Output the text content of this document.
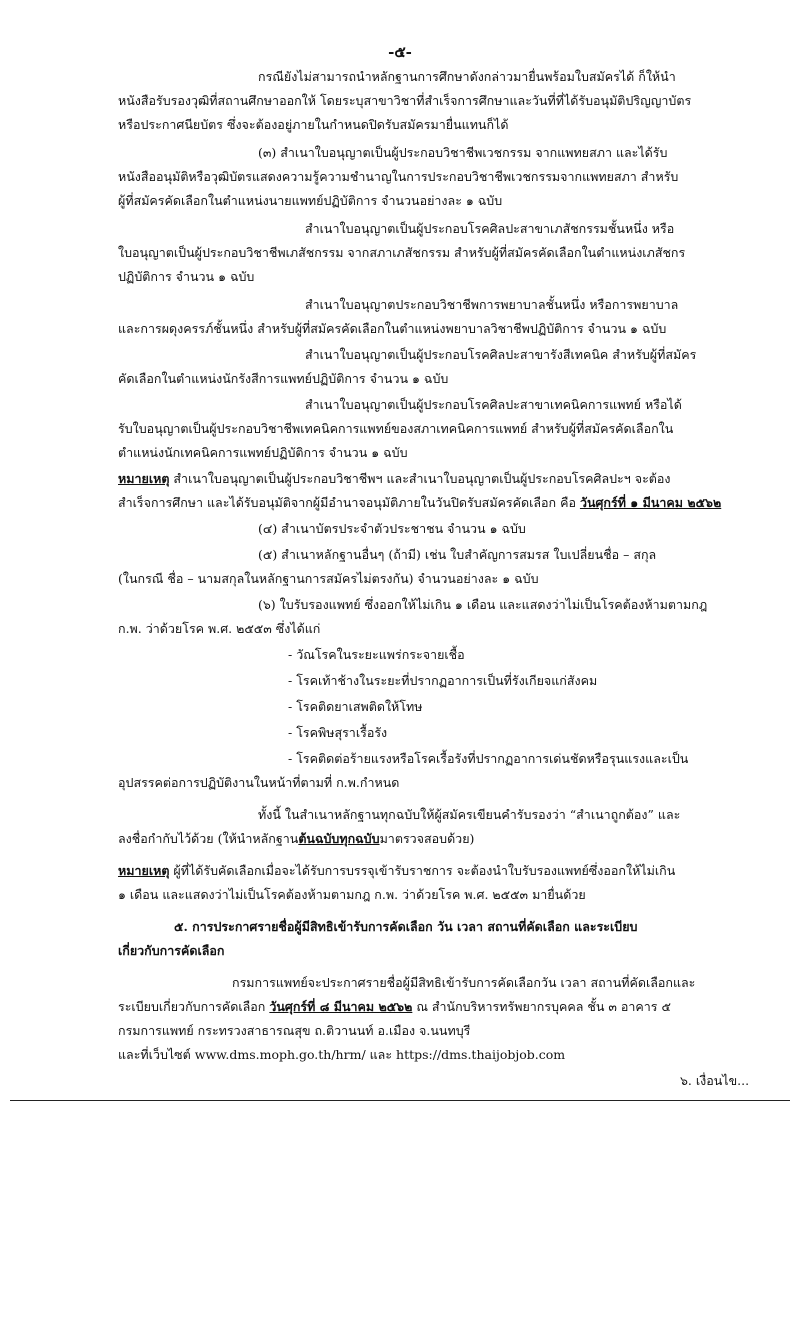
-๕-
กรณียังไม่สามารถนำหลักฐานการศึกษาดังกล่าวมายื่นพร้อมใบสมัครได้ ก็ให้นำ
หนังสือรับรองวุฒิที่สถานศึกษาออกให้ โดยระบุสาขาวิชาที่สำเร็จการศึกษาและวันที่ที่ได้รับอนุมัติปริญญาบัตร
หรือประกาศนียบัตร ซึ่งจะต้องอยู่ภายในกำหนดปิดรับสมัครมายื่นแทนก็ได้
(๓) สำเนาใบอนุญาตเป็นผู้ประกอบวิชาชีพเวชกรรม จากแพทยสภา และได้รับ
หนังสืออนุมัติหรือวุฒิบัตรแสดงความรู้ความชำนาญในการประกอบวิชาชีพเวชกรรมจากแพทยสภา สำหรับ
ผู้ที่สมัครคัดเลือกในตำแหน่งนายแพทย์ปฏิบัติการ จำนวนอย่างละ ๑ ฉบับ
สำเนาใบอนุญาตเป็นผู้ประกอบโรคศิลปะสาขาเภสัชกรรมชั้นหนึ่ง หรือ
ใบอนุญาตเป็นผู้ประกอบวิชาชีพเภสัชกรรม จากสภาเภสัชกรรม สำหรับผู้ที่สมัครคัดเลือกในตำแหน่งเภสัชกร
ปฏิบัติการ จำนวน ๑ ฉบับ
สำเนาใบอนุญาตประกอบวิชาชีพการพยาบาลชั้นหนึ่ง หรือการพยาบาล
และการผดุงครรภ์ชั้นหนึ่ง สำหรับผู้ที่สมัครคัดเลือกในตำแหน่งพยาบาลวิชาชีพปฏิบัติการ จำนวน ๑ ฉบับ
สำเนาใบอนุญาตเป็นผู้ประกอบโรคศิลปะสาขารังสีเทคนิค สำหรับผู้ที่สมัคร
คัดเลือกในตำแหน่งนักรังสีการแพทย์ปฏิบัติการ จำนวน ๑ ฉบับ
สำเนาใบอนุญาตเป็นผู้ประกอบโรคศิลปะสาขาเทคนิคการแพทย์ หรือได้
รับใบอนุญาตเป็นผู้ประกอบวิชาชีพเทคนิคการแพทย์ของสภาเทคนิคการแพทย์ สำหรับผู้ที่สมัครคัดเลือกใน
ตำแหน่งนักเทคนิคการแพทย์ปฏิบัติการ จำนวน ๑ ฉบับ
หมายเหตุ สำเนาใบอนุญาตเป็นผู้ประกอบวิชาชีพฯ และสำเนาใบอนุญาตเป็นผู้ประกอบโรคศิลปะฯ จะต้อง
สำเร็จการศึกษา และได้รับอนุมัติจากผู้มีอำนาจอนุมัติภายในวันปิดรับสมัครคัดเลือก คือ วันศุกร์ที่ ๑ มีนาคม ๒๕๖๒
(๔) สำเนาบัตรประจำตัวประชาชน จำนวน ๑ ฉบับ
(๕) สำเนาหลักฐานอื่นๆ (ถ้ามี) เช่น ใบสำคัญการสมรส ใบเปลี่ยนชื่อ – สกุล
(ในกรณี ชื่อ – นามสกุลในหลักฐานการสมัครไม่ตรงกัน) จำนวนอย่างละ ๑ ฉบับ
(๖) ใบรับรองแพทย์ ซึ่งออกให้ไม่เกิน ๑ เดือน และแสดงว่าไม่เป็นโรคต้องห้ามตามกฎ
ก.พ. ว่าด้วยโรค พ.ศ. ๒๕๕๓ ซึ่งได้แก่
- วัณโรคในระยะแพร่กระจายเชื้อ
- โรคเท้าช้างในระยะที่ปรากฏอาการเป็นที่รังเกียจแก่สังคม
- โรคติดยาเสพติดให้โทษ
- โรคพิษสุราเรื้อรัง
- โรคติดต่อร้ายแรงหรือโรคเรื้อรังที่ปรากฏอาการเด่นชัดหรือรุนแรงและเป็น
อุปสรรคต่อการปฏิบัติงานในหน้าที่ตามที่ ก.พ.กำหนด
ทั้งนี้ ในสำเนาหลักฐานทุกฉบับให้ผู้สมัครเขียนคำรับรองว่า “สำเนาถูกต้อง” และ
ลงชื่อกำกับไว้ด้วย (ให้นำหลักฐานต้นฉบับทุกฉบับมาตรวจสอบด้วย)
หมายเหตุ ผู้ที่ได้รับคัดเลือกเมื่อจะได้รับการบรรจุเข้ารับราชการ จะต้องนำใบรับรองแพทย์ซึ่งออกให้ไม่เกิน
๑ เดือน และแสดงว่าไม่เป็นโรคต้องห้ามตามกฎ ก.พ. ว่าด้วยโรค พ.ศ. ๒๕๕๓ มายื่นด้วย
๕. การประกาศรายชื่อผู้มีสิทธิเข้ารับการคัดเลือก วัน เวลา สถานที่คัดเลือก และระเบียบ
เกี่ยวกับการคัดเลือก
กรมการแพทย์จะประกาศรายชื่อผู้มีสิทธิเข้ารับการคัดเลือกวัน เวลา สถานที่คัดเลือกและ
ระเบียบเกี่ยวกับการคัดเลือก วันศุกร์ที่ ๘ มีนาคม ๒๕๖๒ ณ สำนักบริหารทรัพยากรบุคคล ชั้น ๓ อาคาร ๕
กรมการแพทย์ กระทรวงสาธารณสุข ถ.ติวานนท์ อ.เมือง จ.นนทบุรี
และที่เว็บไซต์ www.dms.moph.go.th/hrm/ และ https://dms.thaijobjob.com
๖. เงื่อนไข...
